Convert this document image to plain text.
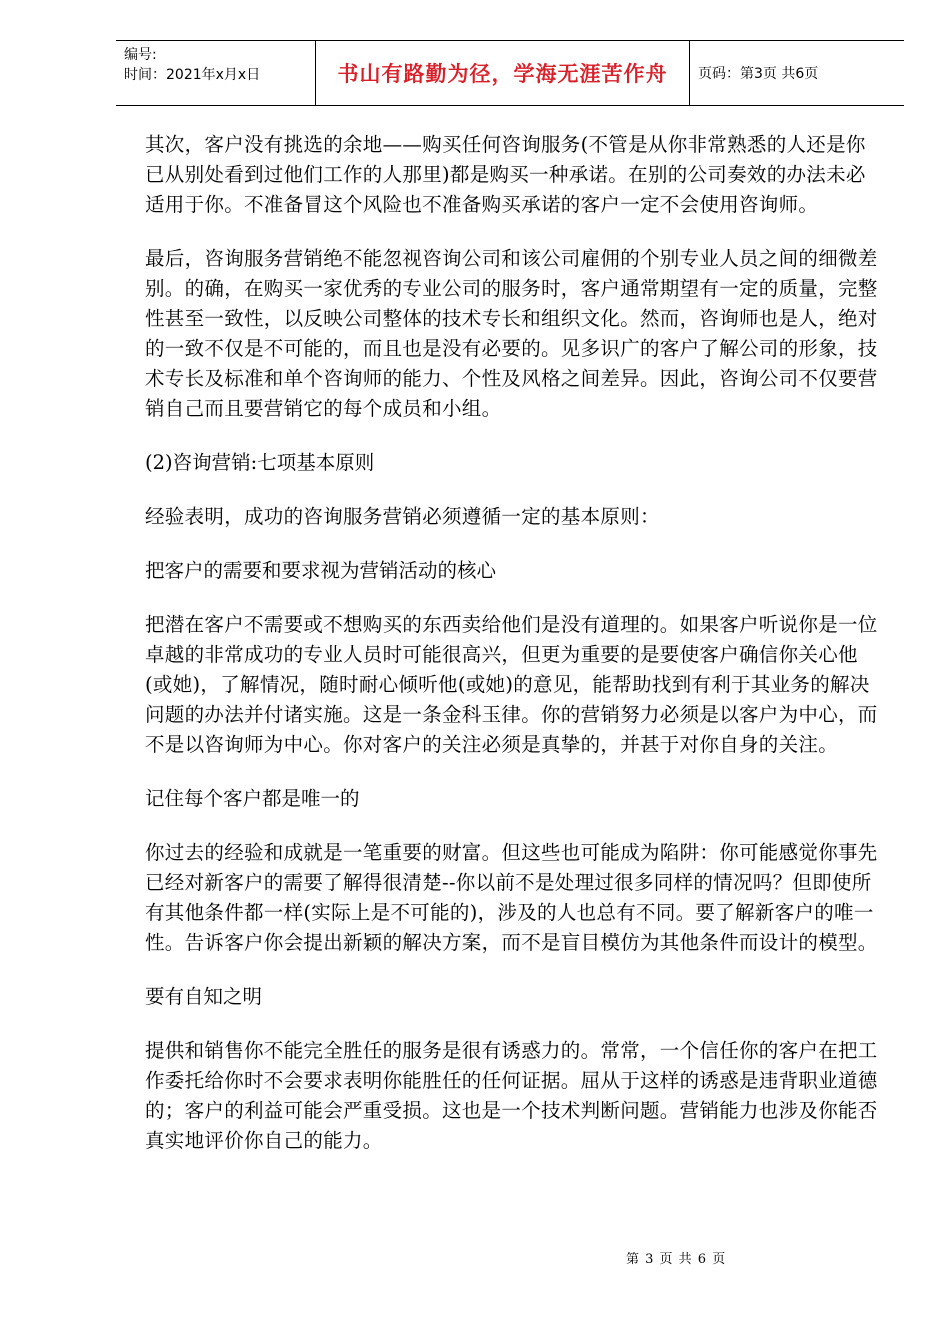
编号:
时间：2021年x月x日	书山有路勤为径，学海无涯苦作舟	页码：第3页 共6页

其次，客户没有挑选的余地——购买任何咨询服务(不管是从你非常熟悉的人还是你已从别处看到过他们工作的人那里)都是购买一种承诺。在别的公司奏效的办法未必适用于你。不准备冒这个风险也不准备购买承诺的客户一定不会使用咨询师。

最后，咨询服务营销绝不能忽视咨询公司和该公司雇佣的个别专业人员之间的细微差别。的确，在购买一家优秀的专业公司的服务时，客户通常期望有一定的质量，完整性甚至一致性，以反映公司整体的技术专长和组织文化。然而，咨询师也是人，绝对的一致不仅是不可能的，而且也是没有必要的。见多识广的客户了解公司的形象，技术专长及标准和单个咨询师的能力、个性及风格之间差异。因此，咨询公司不仅要营销自己而且要营销它的每个成员和小组。

(2)咨询营销:七项基本原则

经验表明，成功的咨询服务营销必须遵循一定的基本原则：

把客户的需要和要求视为营销活动的核心

把潜在客户不需要或不想购买的东西卖给他们是没有道理的。如果客户听说你是一位卓越的非常成功的专业人员时可能很高兴，但更为重要的是要使客户确信你关心他(或她)，了解情况，随时耐心倾听他(或她)的意见，能帮助找到有利于其业务的解决问题的办法并付诸实施。这是一条金科玉律。你的营销努力必须是以客户为中心，而不是以咨询师为中心。你对客户的关注必须是真挚的，并甚于对你自身的关注。

记住每个客户都是唯一的

你过去的经验和成就是一笔重要的财富。但这些也可能成为陷阱：你可能感觉你事先已经对新客户的需要了解得很清楚--你以前不是处理过很多同样的情况吗？但即使所有其他条件都一样(实际上是不可能的)，涉及的人也总有不同。要了解新客户的唯一性。告诉客户你会提出新颖的解决方案，而不是盲目模仿为其他条件而设计的模型。

要有自知之明

提供和销售你不能完全胜任的服务是很有诱惑力的。常常，一个信任你的客户在把工作委托给你时不会要求表明你能胜任的任何证据。屈从于这样的诱惑是违背职业道德的；客户的利益可能会严重受损。这也是一个技术判断问题。营销能力也涉及你能否真实地评价你自己的能力。

第 3 页 共 6 页
